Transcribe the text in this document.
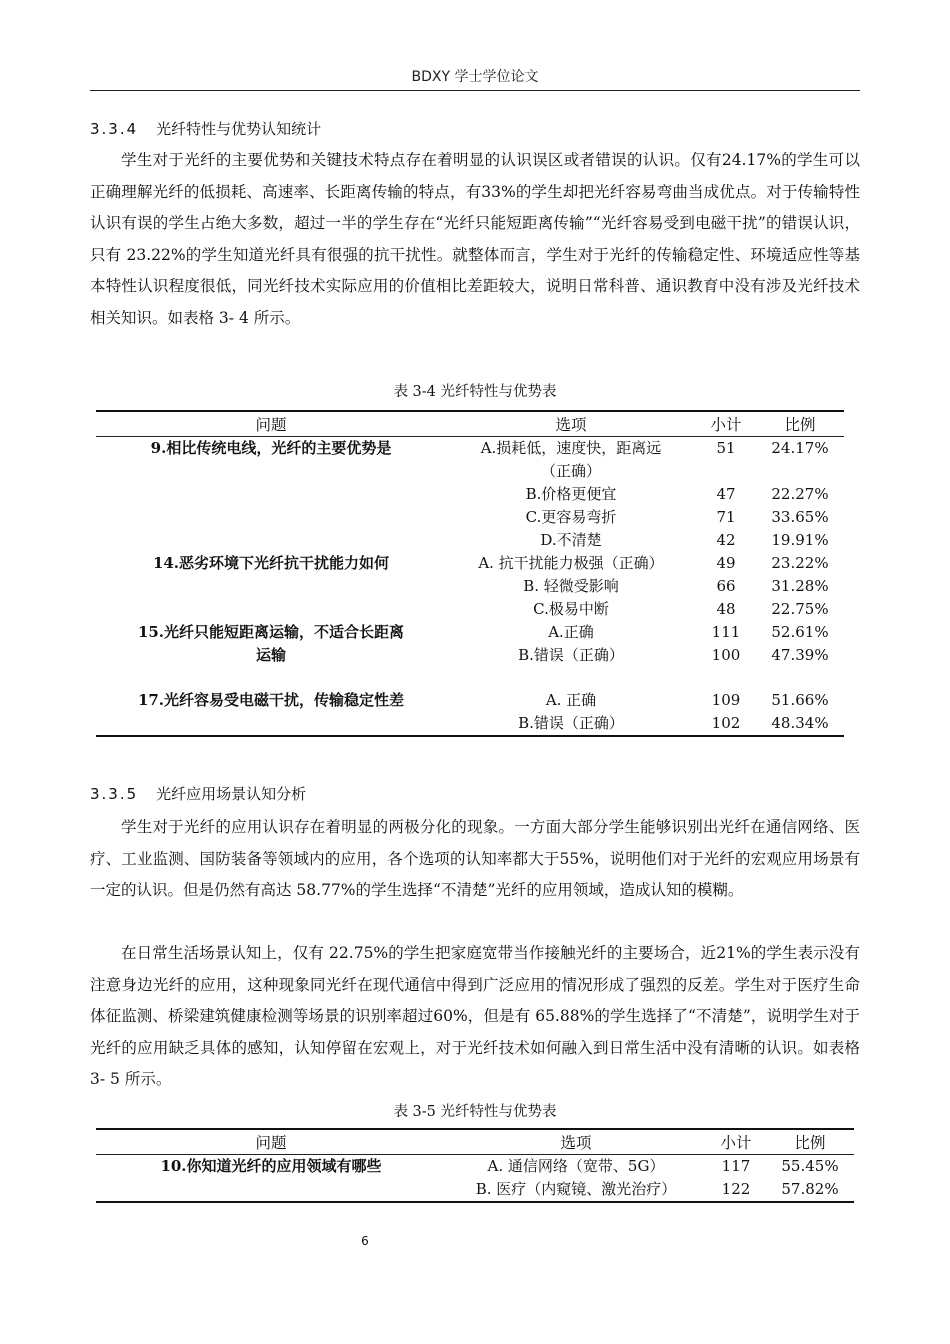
BDXY 学士学位论文
3.3.4 光纤特性与优势认知统计

学生对于光纤的主要优势和关键技术特点存在着明显的认识误区或者错误的认识。仅有24.17%的学生可以正确理解光纤的低损耗、高速率、长距离传输的特点，有33%的学生却把光纤容易弯曲当成优点。对于传输特性认识有误的学生占绝大多数，超过一半的学生存在“光纤只能短距离传输”“光纤容易受到电磁干扰”的错误认识，只有 23.22%的学生知道光纤具有很强的抗干扰性。就整体而言，学生对于光纤的传输稳定性、环境适应性等基本特性认识程度很低，同光纤技术实际应用的价值相比差距较大，说明日常科普、通识教育中没有涉及光纤技术相关知识。如表格 3- 4 所示。

表 3-4 光纤特性与优势表
问题	选项	小计	比例
9.相比传统电线，光纤的主要优势是	A.损耗低，速度快，距离远（正确）	51	24.17%
	B.价格更便宜	47	22.27%
	C.更容易弯折	71	33.65%
	D.不清楚	42	19.91%
14.恶劣环境下光纤抗干扰能力如何	A. 抗干扰能力极强（正确）	49	23.22%
	B. 轻微受影响	66	31.28%
	C.极易中断	48	22.75%
15.光纤只能短距离运输，不适合长距离运输	A.正确	111	52.61%
	B.错误（正确）	100	47.39%
17.光纤容易受电磁干扰，传输稳定性差	A. 正确	109	51.66%
	B.错误（正确）	102	48.34%
3.3.5 光纤应用场景认知分析

学生对于光纤的应用认识存在着明显的两极分化的现象。一方面大部分学生能够识别出光纤在通信网络、医疗、工业监测、国防装备等领域内的应用，各个选项的认知率都大于55%，说明他们对于光纤的宏观应用场景有一定的认识。但是仍然有高达 58.77%的学生选择“不清楚”光纤的应用领域，造成认知的模糊。

在日常生活场景认知上，仅有 22.75%的学生把家庭宽带当作接触光纤的主要场合，近21%的学生表示没有注意身边光纤的应用，这种现象同光纤在现代通信中得到广泛应用的情况形成了强烈的反差。学生对于医疗生命体征监测、桥梁建筑健康检测等场景的识别率超过60%，但是有 65.88%的学生选择了“不清楚”，说明学生对于光纤的应用缺乏具体的感知，认知停留在宏观上，对于光纤技术如何融入到日常生活中没有清晰的认识。如表格 3- 5 所示。

表 3-5 光纤特性与优势表
问题	选项	小计	比例
10.你知道光纤的应用领域有哪些	A. 通信网络（宽带、5G）	117	55.45%
	B. 医疗（内窥镜、激光治疗）	122	57.82%
6
